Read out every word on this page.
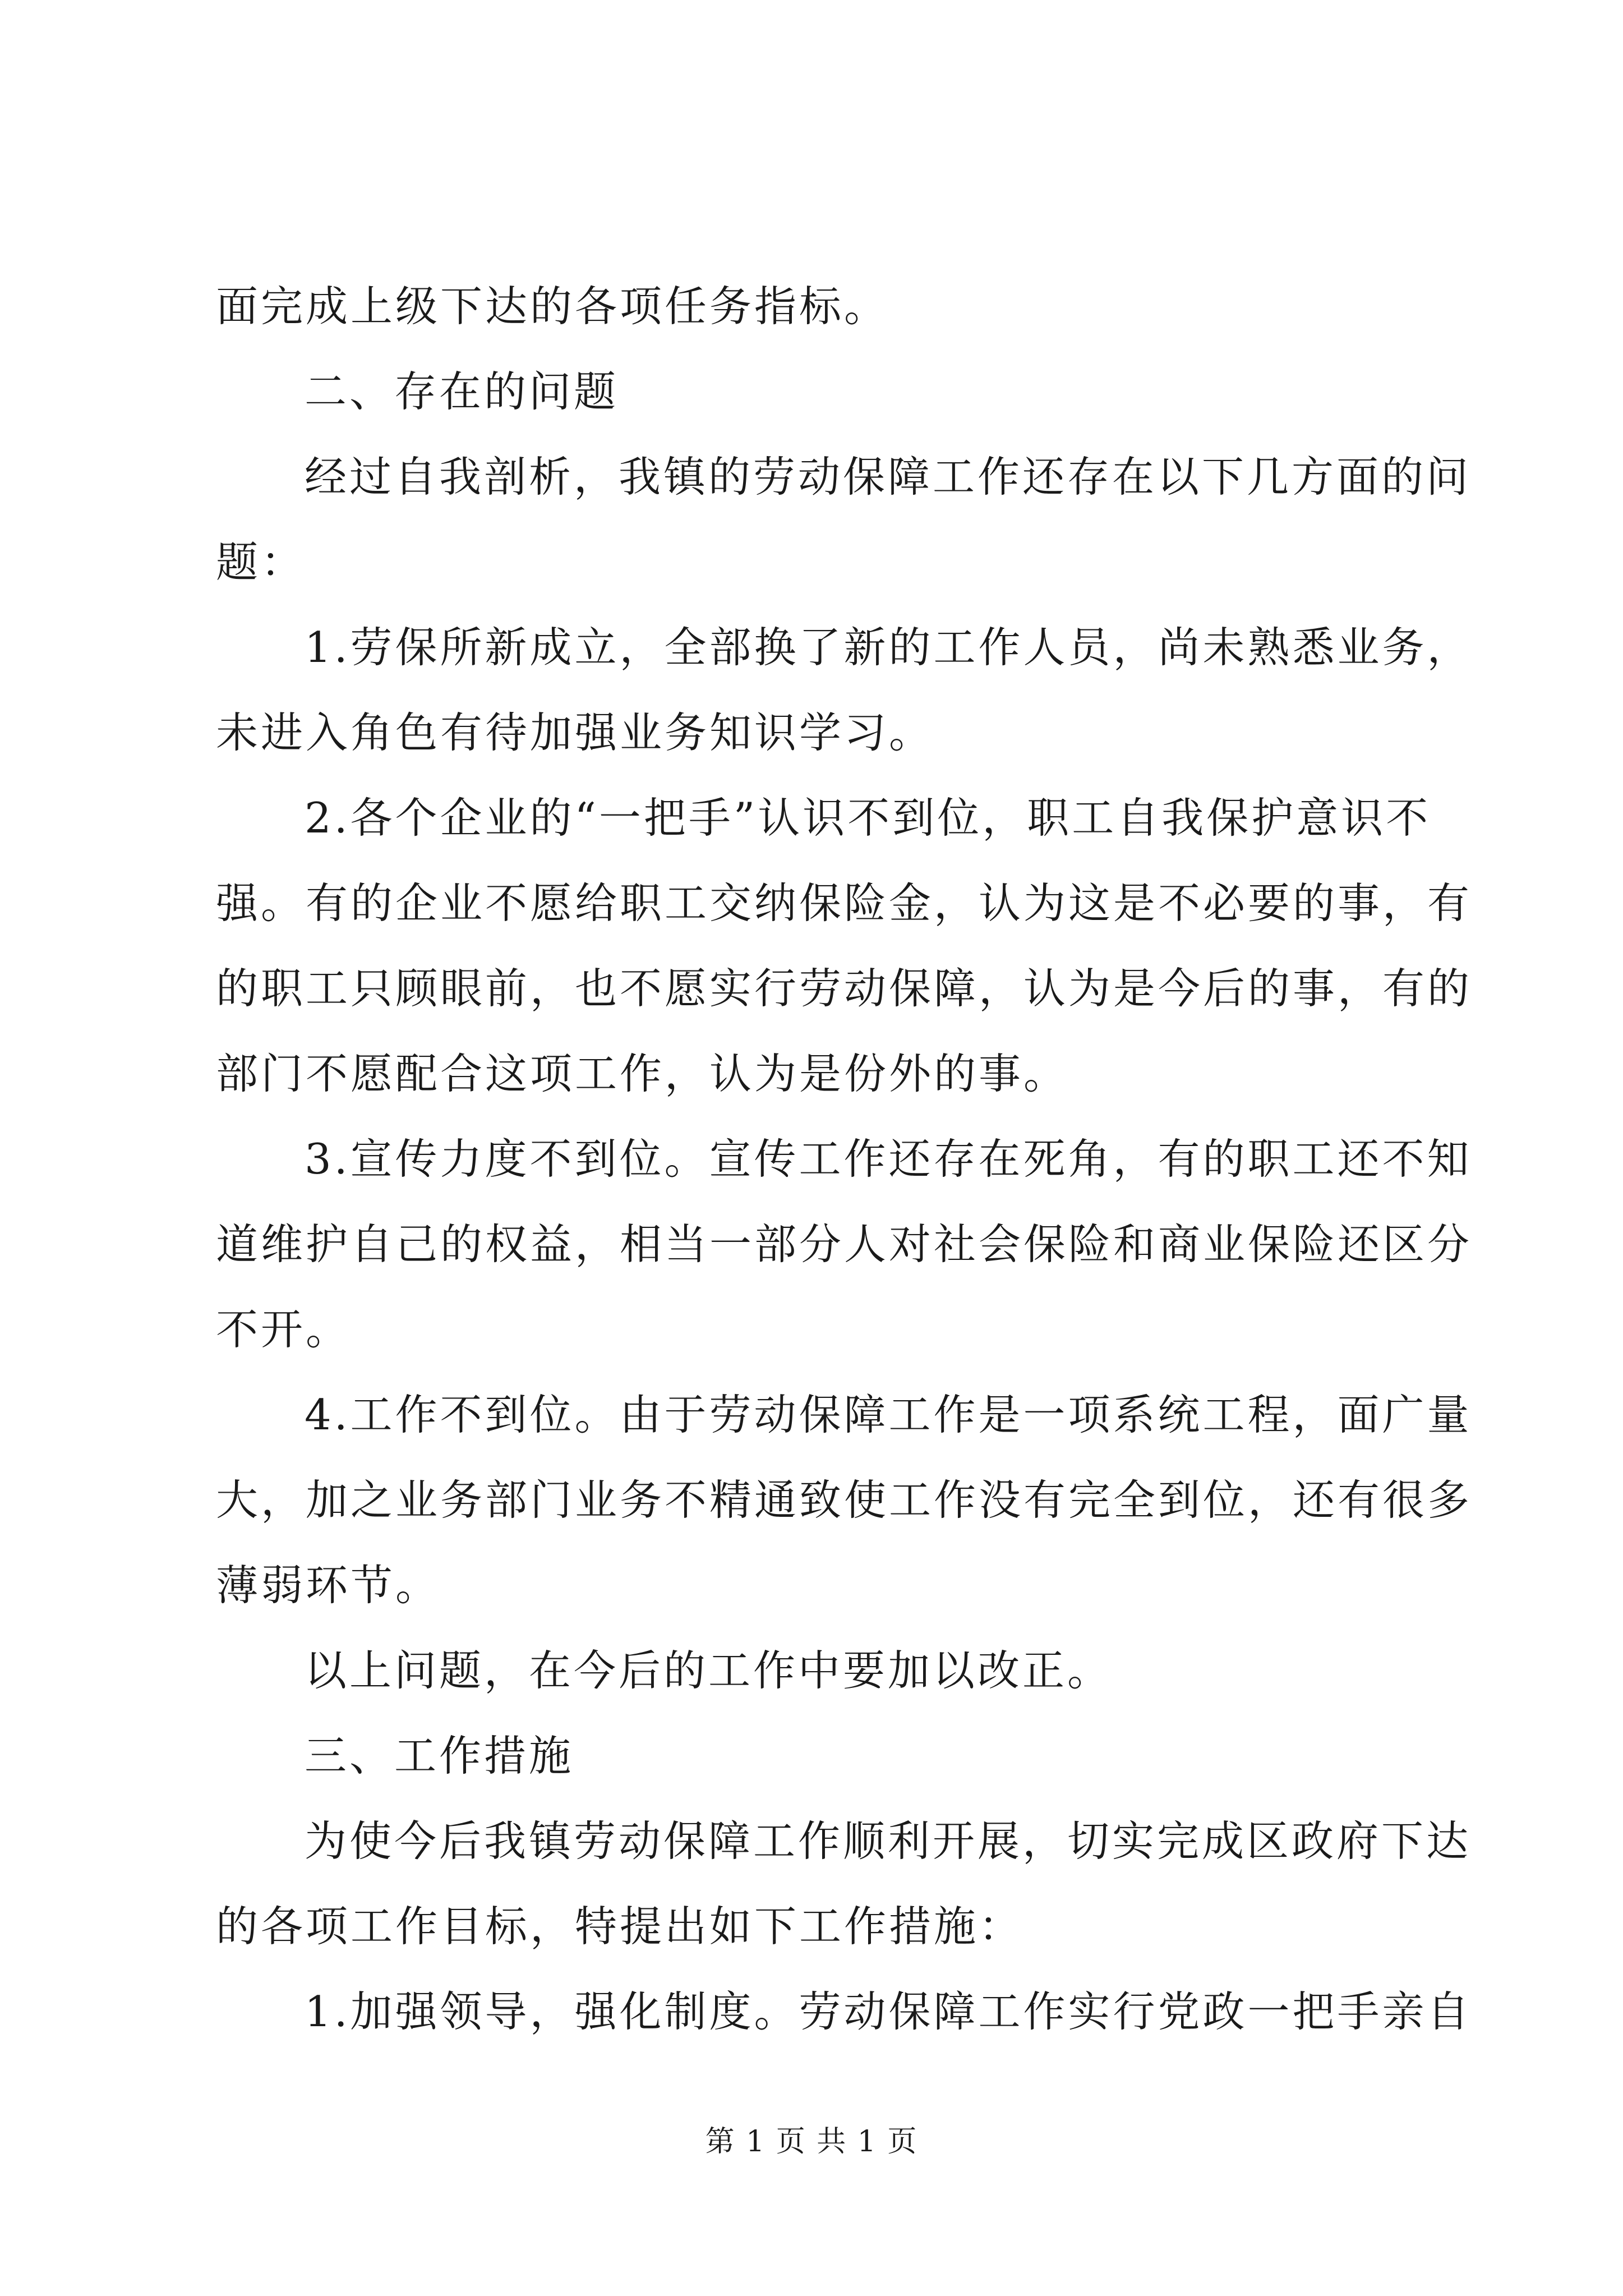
面完成上级下达的各项任务指标。
二、存在的问题
经过自我剖析，我镇的劳动保障工作还存在以下几方面的问
题：
1.劳保所新成立，全部换了新的工作人员，尚未熟悉业务，
未进入角色有待加强业务知识学习。
2.各个企业的“一把手”认识不到位，职工自我保护意识不
强。有的企业不愿给职工交纳保险金，认为这是不必要的事，有
的职工只顾眼前，也不愿实行劳动保障，认为是今后的事，有的
部门不愿配合这项工作，认为是份外的事。
3.宣传力度不到位。宣传工作还存在死角，有的职工还不知
道维护自己的权益，相当一部分人对社会保险和商业保险还区分
不开。
4.工作不到位。由于劳动保障工作是一项系统工程，面广量
大，加之业务部门业务不精通致使工作没有完全到位，还有很多
薄弱环节。
以上问题，在今后的工作中要加以改正。
三、工作措施
为使今后我镇劳动保障工作顺利开展，切实完成区政府下达
的各项工作目标，特提出如下工作措施：
1.加强领导，强化制度。劳动保障工作实行党政一把手亲自
第 1 页 共 1 页
